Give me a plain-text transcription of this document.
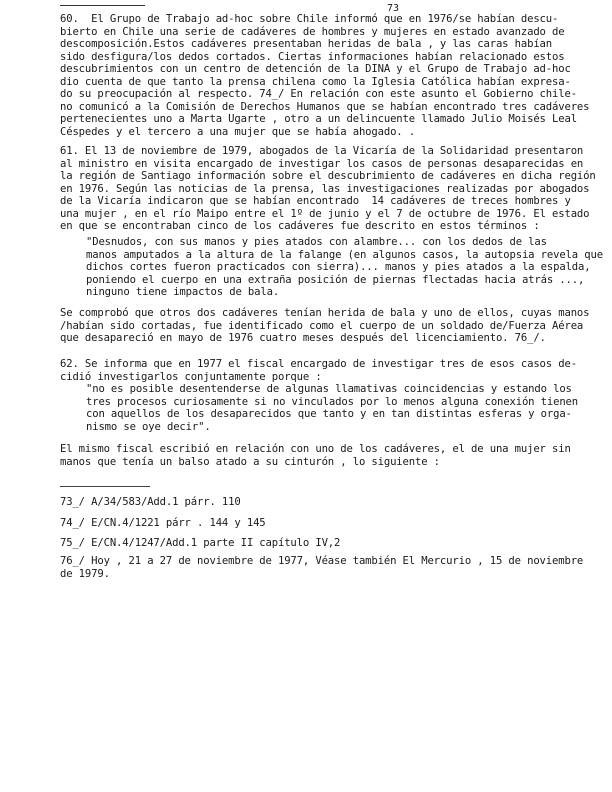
73
60.  El Grupo de Trabajo ad-hoc sobre Chile informó que en 1976/se habían descu-
bierto en Chile una serie de cadáveres de hombres y mujeres en estado avanzado de
descomposición.Estos cadáveres presentaban heridas de bala , y las caras habían
sido desfigura/los dedos cortados. Ciertas informaciones habían relacionado estos
descubrimientos con un centro de detención de la DINA y el Grupo de Trabajo ad-hoc
dio cuenta de que tanto la prensa chilena como la Iglesia Católica habían expresa-
do su preocupación al respecto. 74_/ En relación con este asunto el Gobierno chile-
no comunicó a la Comisión de Derechos Humanos que se habían encontrado tres cadáveres
pertenecientes uno a Marta Ugarte , otro a un delincuente llamado Julio Moisés Leal
Céspedes y el tercero a una mujer que se había ahogado. .
61. El 13 de noviembre de 1979, abogados de la Vicaría de la Solidaridad presentaron
al ministro en visita encargado de investigar los casos de personas desaparecidas en
la región de Santiago información sobre el descubrimiento de cadáveres en dicha región
en 1976. Según las noticias de la prensa, las investigaciones realizadas por abogados
de la Vicaría indicaron que se habían encontrado  14 cadáveres de treces hombres y
una mujer , en el río Maipo entre el 1º de junio y el 7 de octubre de 1976. El estado
en que se encontraban cinco de los cadáveres fue descrito en estos términos :
"Desnudos, con sus manos y pies atados con alambre... con los dedos de las
manos amputados a la altura de la falange (en algunos casos, la autopsia revela que
dichos cortes fueron practicados con sierra)... manos y pies atados a la espalda,
poniendo el cuerpo en una extraña posición de piernas flectadas hacia atrás ...,
ninguno tiene impactos de bala.
Se comprobó que otros dos cadáveres tenían herida de bala y uno de ellos, cuyas manos
/habían sido cortadas, fue identificado como el cuerpo de un soldado de/Fuerza Aérea
que desapareció en mayo de 1976 cuatro meses después del licenciamiento. 76_/.
62. Se informa que en 1977 el fiscal encargado de investigar tres de esos casos de-
cidió investigarlos conjuntamente porque :
"no es posible desentenderse de algunas llamativas coincidencias y estando los
tres procesos curiosamente si no vinculados por lo menos alguna conexión tienen
con aquellos de los desaparecidos que tanto y en tan distintas esferas y orga-
nismo se oye decir".
El mismo fiscal escribió en relación con uno de los cadáveres, el de una mujer sin
manos que tenía un balso atado a su cinturón , lo siguiente :
73_/ A/34/583/Add.1 párr. 110
74_/ E/CN.4/1221 párr . 144 y 145
75_/ E/CN.4/1247/Add.1 parte II capítulo IV,2
76_/ Hoy , 21 a 27 de noviembre de 1977, Véase también El Mercurio , 15 de noviembre
de 1979.
